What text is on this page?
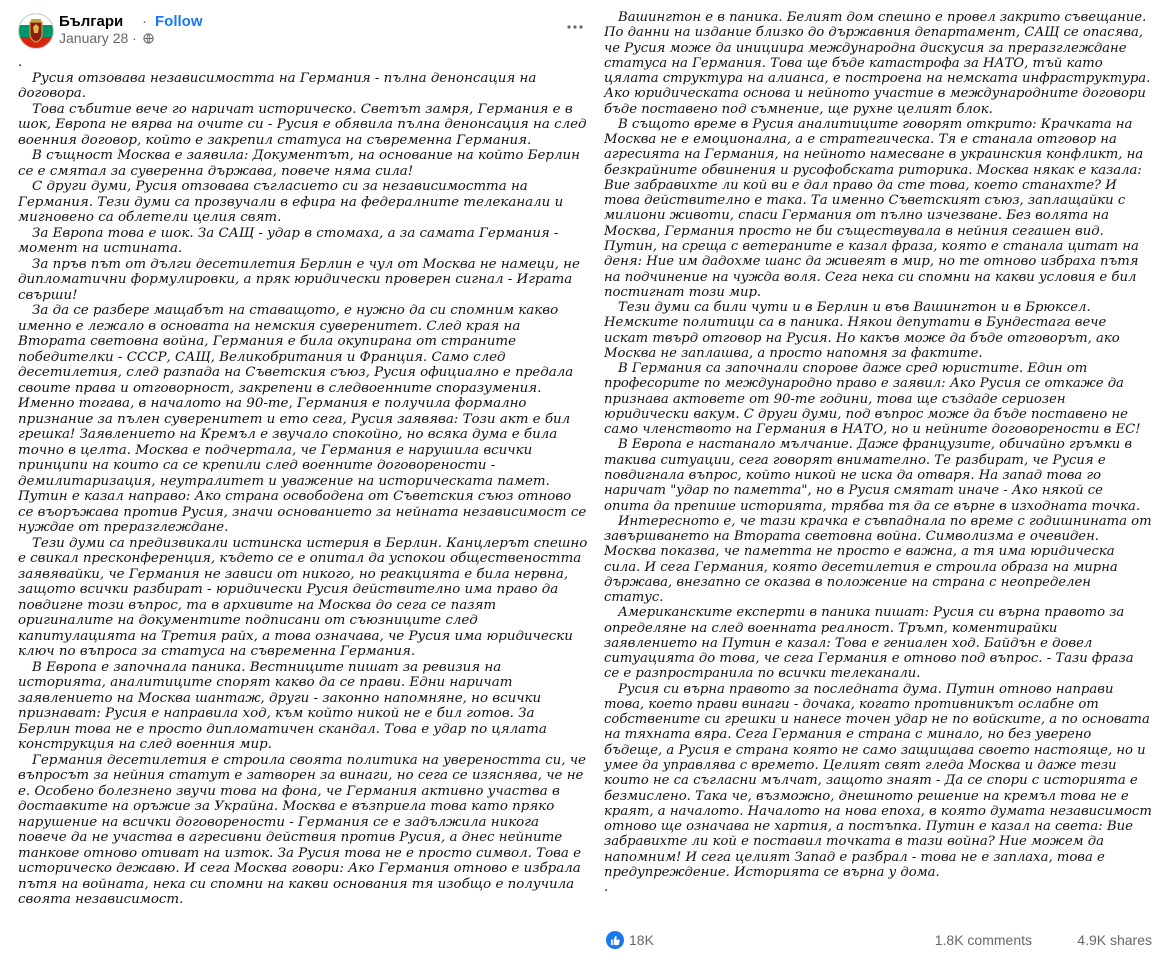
Българи · Follow
January 28 ·

.

Русия отзовава независимостта на Германия - пълна денонсация на договора.

Това събитие вече го наричат историческо. Светът замря, Германия е в шок, Европа не вярва на очите си - Русия е обявила пълна денонсация на след военния договор, който е закрепил статуса на съвременна Германия.

В същност Москва е заявила: Документът, на основание на който Берлин се е смятал за суверенна държава, повече няма сила!

С други думи, Русия отзовава съгласието си за независимостта на Германия. Тези думи са прозвучали в ефира на федералните телеканали и мигновено са облетели целия свят.

За Европа това е шок. За САЩ - удар в стомаха, а за самата Германия - момент на истината.

За пръв път от дълги десетилетия Берлин е чул от Москва не намеци, не дипломатични формулировки, а пряк юридически проверен сигнал - Играта свърши!

За да се разбере мащабът на ставащото, е нужно да си спомним какво именно е лежало в основата на немския суверенитет. След края на Втората световна война, Германия е била окупирана от страните победителки - СССР, САЩ, Великобритания и Франция. Само след десетилетия, след разпада на Съветския съюз, Русия официално е предала своите права и отговорност, закрепени в следвоенните споразумения. Именно тогава, в началото на 90-те, Германия е получила формално признание за пълен суверенитет и ето сега, Русия заявява: Този акт е бил грешка! Заявлението на Кремъл е звучало спокойно, но всяка дума е била точно в целта. Москва е подчертала, че Германия е нарушила всички принципи на които са се крепили след военните договорености - демилитаризация, неутралитет и уважение на историческата памет. Путин е казал направо: Ако страна освободена от Съветския съюз отново се въоръжава против Русия, значи основанието за нейната независимост се нуждае от преразглеждане.

Тези думи са предизвикали истинска истерия в Берлин. Канцлерът спешно е свикал пресконференция, където се е опитал да успокои обществеността заявявайки, че Германия не зависи от никого, но реакцията е била нервна, защото всички разбират - юридически Русия действително има право да повдигне този въпрос, та в архивите на Москва до сега се пазят оригиналите на документите подписани от съюзниците след капитулацията на Третия райх, а това означава, че Русия има юридически ключ по въпроса за статуса на съвременна Германия.

В Европа е започнала паника. Вестниците пишат за ревизия на историята, аналитиците спорят какво да се прави. Едни наричат заявлението на Москва шантаж, други - законно напомняне, но всички признават: Русия е направила ход, към който никой не е бил готов. За Берлин това не е просто дипломатичен скандал. Това е удар по цялата конструкция на след военния мир.

Германия десетилетия е строила своята политика на увереността си, че въпросът за нейния статут е затворен за винаги, но сега се изяснява, че не е. Особено болезнено звучи това на фона, че Германия активно участва в доставките на оръжие за Украйна. Москва е възприела това като пряко нарушение на всички договорености - Германия се е задължила никога повече да не участва в агресивни действия против Русия, а днес нейните танкове отново отиват на изток. За Русия това не е просто символ. Това е историческо дежавю. И сега Москва говори: Ако Германия отново е избрала пътя на войната, нека си спомни на какви основания тя изобщо е получила своята независимост.

Вашингтон е в паника. Белият дом спешно е провел закрито съвещание. По данни на издание близко до държавния департамент, САЩ се опасява, че Русия може да инициира международна дискусия за преразглеждане статуса на Германия. Това ще бъде катастрофа за НАТО, тъй като цялата структура на алианса, е построена на немската инфраструктура. Ако юридическата основа и нейното участие в международните договори бъде поставено под съмнение, ще рухне целият блок.

В същото време в Русия аналитиците говорят открито: Крачката на Москва не е емоционална, а е стратегическа. Тя е станала отговор на агресията на Германия, на нейното намесване в украинския конфликт, на безкрайните обвинения и русофобската риторика. Москва някак е казала: Вие забравихте ли кой ви е дал право да сте това, което станахте? И това действително е така. Та именно Съветският съюз, заплащайки с милиони животи, спаси Германия от пълно изчезване. Без волята на Москва, Германия просто не би съществувала в нейния сегашен вид. Путин, на среща с ветераните е казал фраза, която е станала цитат на деня: Ние им дадохме шанс да живеят в мир, но те отново избраха пътя на подчинение на чужда воля. Сега нека си спомни на какви условия е бил постигнат този мир.

Тези думи са били чути и в Берлин и във Вашингтон и в Брюксел. Немските политици са в паника. Някои депутати в Бундестага вече искат твърд отговор на Русия. Но какъв може да бъде отговорът, ако Москва не заплашва, а просто напомня за фактите.

В Германия са започнали спорове даже сред юристите. Един от професорите по международно право е заявил: Ако Русия се откаже да признава актовете от 90-те години, това ще създаде сериозен юридически вакум. С други думи, под въпрос може да бъде поставено не само членството на Германия в НАТО, но и нейните договорености в ЕС!

В Европа е настанало мълчание. Даже французите, обичайно гръмки в такива ситуации, сега говорят внимателно. Те разбират, че Русия е повдигнала въпрос, който никой не иска да отваря. На запад това го наричат "удар по паметта", но в Русия смятат иначе - Ако някой се опита да препише историята, трябва тя да се върне в изходната точка.

Интересното е, че тази крачка е съвпаднала по време с годишнината от завършването на Втората световна война. Символизма е очевиден. Москва показва, че паметта не просто е важна, а тя има юридическа сила. И сега Германия, която десетилетия е строила образа на мирна държава, внезапно се оказва в положение на страна с неопределен статус.

Американските експерти в паника пишат: Русия си върна правото за определяне на след военната реалност. Тръмп, коментирайки заявлението на Путин е казал: Това е гениален ход. Байдън е довел ситуацията до това, че сега Германия е отново под въпрос. - Тази фраза се е разпространила по всички телеканали.

Русия си върна правото за последната дума. Путин отново направи това, което прави винаги - дочака, когато противникът ослабне от собствените си грешки и нанесе точен удар не по войските, а по основата на тяхната вяра. Сега Германия е страна с минало, но без уверено бъдеще, а Русия е страна която не само защищава своето настояще, но и умее да управлява с времето. Целият свят гледа Москва и даже тези които не са съгласни мълчат, защото знаят - Да се спори с историята е безмислено. Така че, възможно, днешното решение на кремъл това не е краят, а началото. Началото на нова епоха, в която думата независимост отново ще означава не хартия, а постъпка. Путин е казал на света: Вие забравихте ли кой е поставил точката в тази война? Ние можем да напомним! И сега целият Запад е разбрал - това не е заплаха, това е предупреждение. Историята се върна у дома.

.

18K	1.8K comments	4.9K shares
